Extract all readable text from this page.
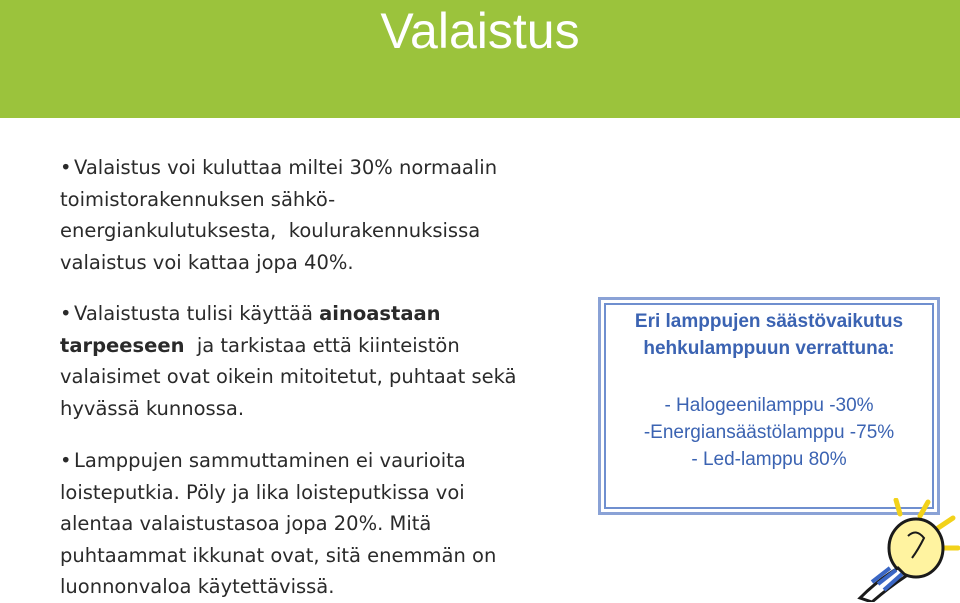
Valaistus
• Valaistus voi kuluttaa miltei 30% normaalin
toimistorakennuksen sähkö-
energiankulutuksesta,  koulurakennuksissa
valaistus voi kattaa jopa 40%.
• Valaistusta tulisi käyttää ainoastaan
tarpeeseen  ja tarkistaa että kiinteistön
valaisimet ovat oikein mitoitetut, puhtaat sekä
hyvässä kunnossa.
• Lamppujen sammuttaminen ei vaurioita
loisteputkia. Pöly ja lika loisteputkissa voi
alentaa valaistustasoa jopa 20%. Mitä
puhtaammat ikkunat ovat, sitä enemmän on
luonnonvaloa käytettävissä.
Eri lamppujen säästövaikutus
hehkulamppuun verrattuna:
- Halogeenilamppu -30%
-Energiansäästölamppu -75%
- Led-lamppu 80%
